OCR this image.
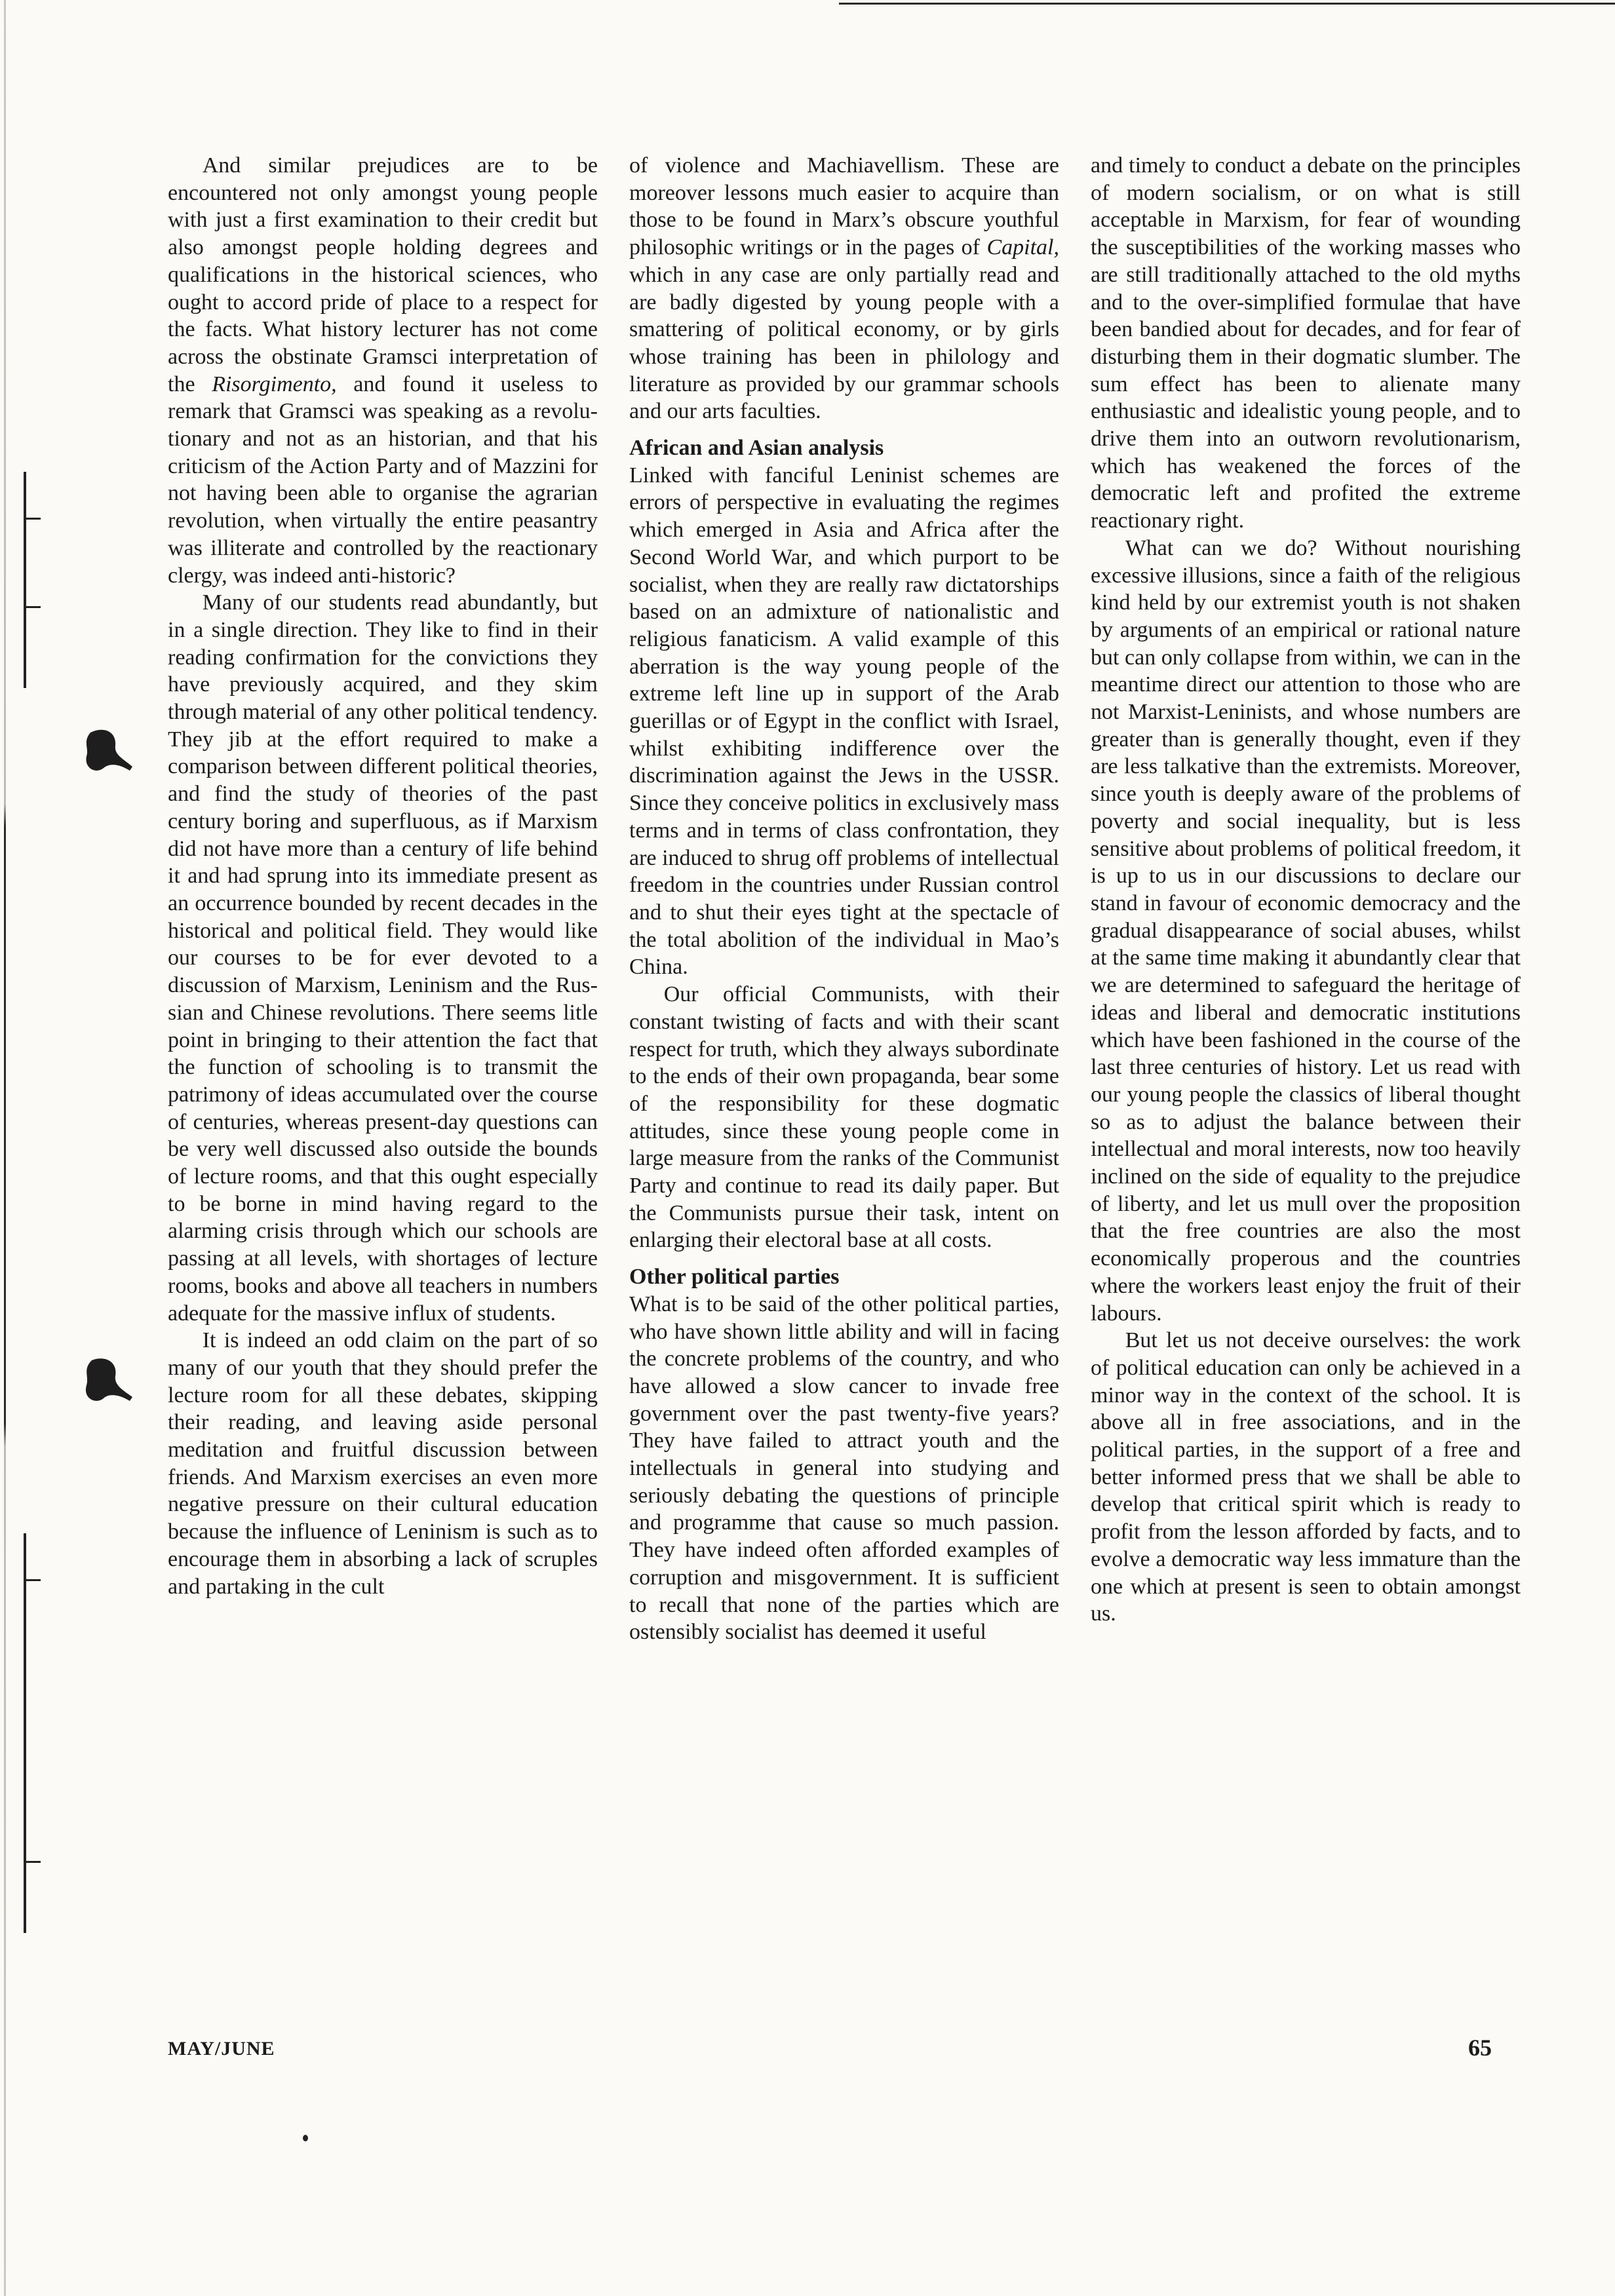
And similar prejudices are to be encountered not only amongst young people with just a first examination to their credit but also amongst people holding degrees and qualifications in the historical sciences, who ought to accord pride of place to a respect for the facts. What history lecturer has not come across the obstinate Gramsci interpretation of the Risorgimento, and found it useless to remark that Gramsci was speaking as a revolutionary and not as an historian, and that his criticism of the Action Party and of Mazzini for not having been able to organise the agrarian revolution, when virtually the entire peasantry was illiterate and controlled by the reactionary clergy, was indeed anti-historic?

Many of our students read abundantly, but in a single direction. They like to find in their reading confirmation for the convictions they have previously acquired, and they skim through material of any other political tendency. They jib at the effort required to make a comparison between different political theories, and find the study of theories of the past century boring and superfluous, as if Marxism did not have more than a century of life behind it and had sprung into its immediate present as an occurrence bounded by recent decades in the historical and political field. They would like our courses to be for ever devoted to a discussion of Marxism, Leninism and the Russian and Chinese revolutions. There seems litle point in bringing to their attention the fact that the function of schooling is to transmit the patrimony of ideas accumulated over the course of centuries, whereas present-day questions can be very well discussed also outside the bounds of lecture rooms, and that this ought especially to be borne in mind having regard to the alarming crisis through which our schools are passing at all levels, with shortages of lecture rooms, books and above all teachers in numbers adequate for the massive influx of students.

It is indeed an odd claim on the part of so many of our youth that they should prefer the lecture room for all these debates, skipping their reading, and leaving aside personal meditation and fruitful discussion between friends. And Marxism exercises an even more negative pressure on their cultural education because the influence of Leninism is such as to encourage them in absorbing a lack of scruples and partaking in the cult

of violence and Machiavellism. These are moreover lessons much easier to acquire than those to be found in Marx’s obscure youthful philosophic writings or in the pages of Capital, which in any case are only partially read and are badly digested by young people with a smattering of political economy, or by girls whose training has been in philology and literature as provided by our grammar schools and our arts faculties.

African and Asian analysis

Linked with fanciful Leninist schemes are errors of perspective in evaluating the regimes which emerged in Asia and Africa after the Second World War, and which purport to be socialist, when they are really raw dictatorships based on an admixture of nationalistic and religious fanaticism. A valid example of this aberration is the way young people of the extreme left line up in support of the Arab guerillas or of Egypt in the conflict with Israel, whilst exhibiting indifference over the discrimination against the Jews in the USSR. Since they conceive politics in exclusively mass terms and in terms of class confrontation, they are induced to shrug off problems of intellectual freedom in the countries under Russian control and to shut their eyes tight at the spectacle of the total abolition of the individual in Mao’s China.

Our official Communists, with their constant twisting of facts and with their scant respect for truth, which they always subordinate to the ends of their own propaganda, bear some of the responsibility for these dogmatic attitudes, since these young people come in large measure from the ranks of the Communist Party and continue to read its daily paper. But the Communists pursue their task, intent on enlarging their electoral base at all costs.

Other political parties

What is to be said of the other political parties, who have shown little ability and will in facing the concrete problems of the country, and who have allowed a slow cancer to invade free government over the past twenty-five years? They have failed to attract youth and the intellectuals in general into studying and seriously debating the questions of principle and programme that cause so much passion. They have indeed often afforded examples of corruption and misgovernment. It is sufficient to recall that none of the parties which are ostensibly socialist has deemed it useful

and timely to conduct a debate on the principles of modern socialism, or on what is still acceptable in Marxism, for fear of wounding the susceptibilities of the working masses who are still traditionally attached to the old myths and to the over-simplified formulae that have been bandied about for decades, and for fear of disturbing them in their dogmatic slumber. The sum effect has been to alienate many enthusiastic and idealistic young people, and to drive them into an outworn revolutionarism, which has weakened the forces of the democratic left and profited the extreme reactionary right.

What can we do? Without nourishing excessive illusions, since a faith of the religious kind held by our extremist youth is not shaken by arguments of an empirical or rational nature but can only collapse from within, we can in the meantime direct our attention to those who are not Marxist-Leninists, and whose numbers are greater than is generally thought, even if they are less talkative than the extremists. Moreover, since youth is deeply aware of the problems of poverty and social inequality, but is less sensitive about problems of political freedom, it is up to us in our discussions to declare our stand in favour of economic democracy and the gradual disappearance of social abuses, whilst at the same time making it abundantly clear that we are determined to safeguard the heritage of ideas and liberal and democratic institutions which have been fashioned in the course of the last three centuries of history. Let us read with our young people the classics of liberal thought so as to adjust the balance between their intellectual and moral interests, now too heavily inclined on the side of equality to the prejudice of liberty, and let us mull over the proposition that the free countries are also the most economically properous and the countries where the workers least enjoy the fruit of their labours.

But let us not deceive ourselves: the work of political education can only be achieved in a minor way in the context of the school. It is above all in free associations, and in the political parties, in the support of a free and better informed press that we shall be able to develop that critical spirit which is ready to profit from the lesson afforded by facts, and to evolve a democratic way less immature than the one which at present is seen to obtain amongst us.

MAY/JUNE	65
